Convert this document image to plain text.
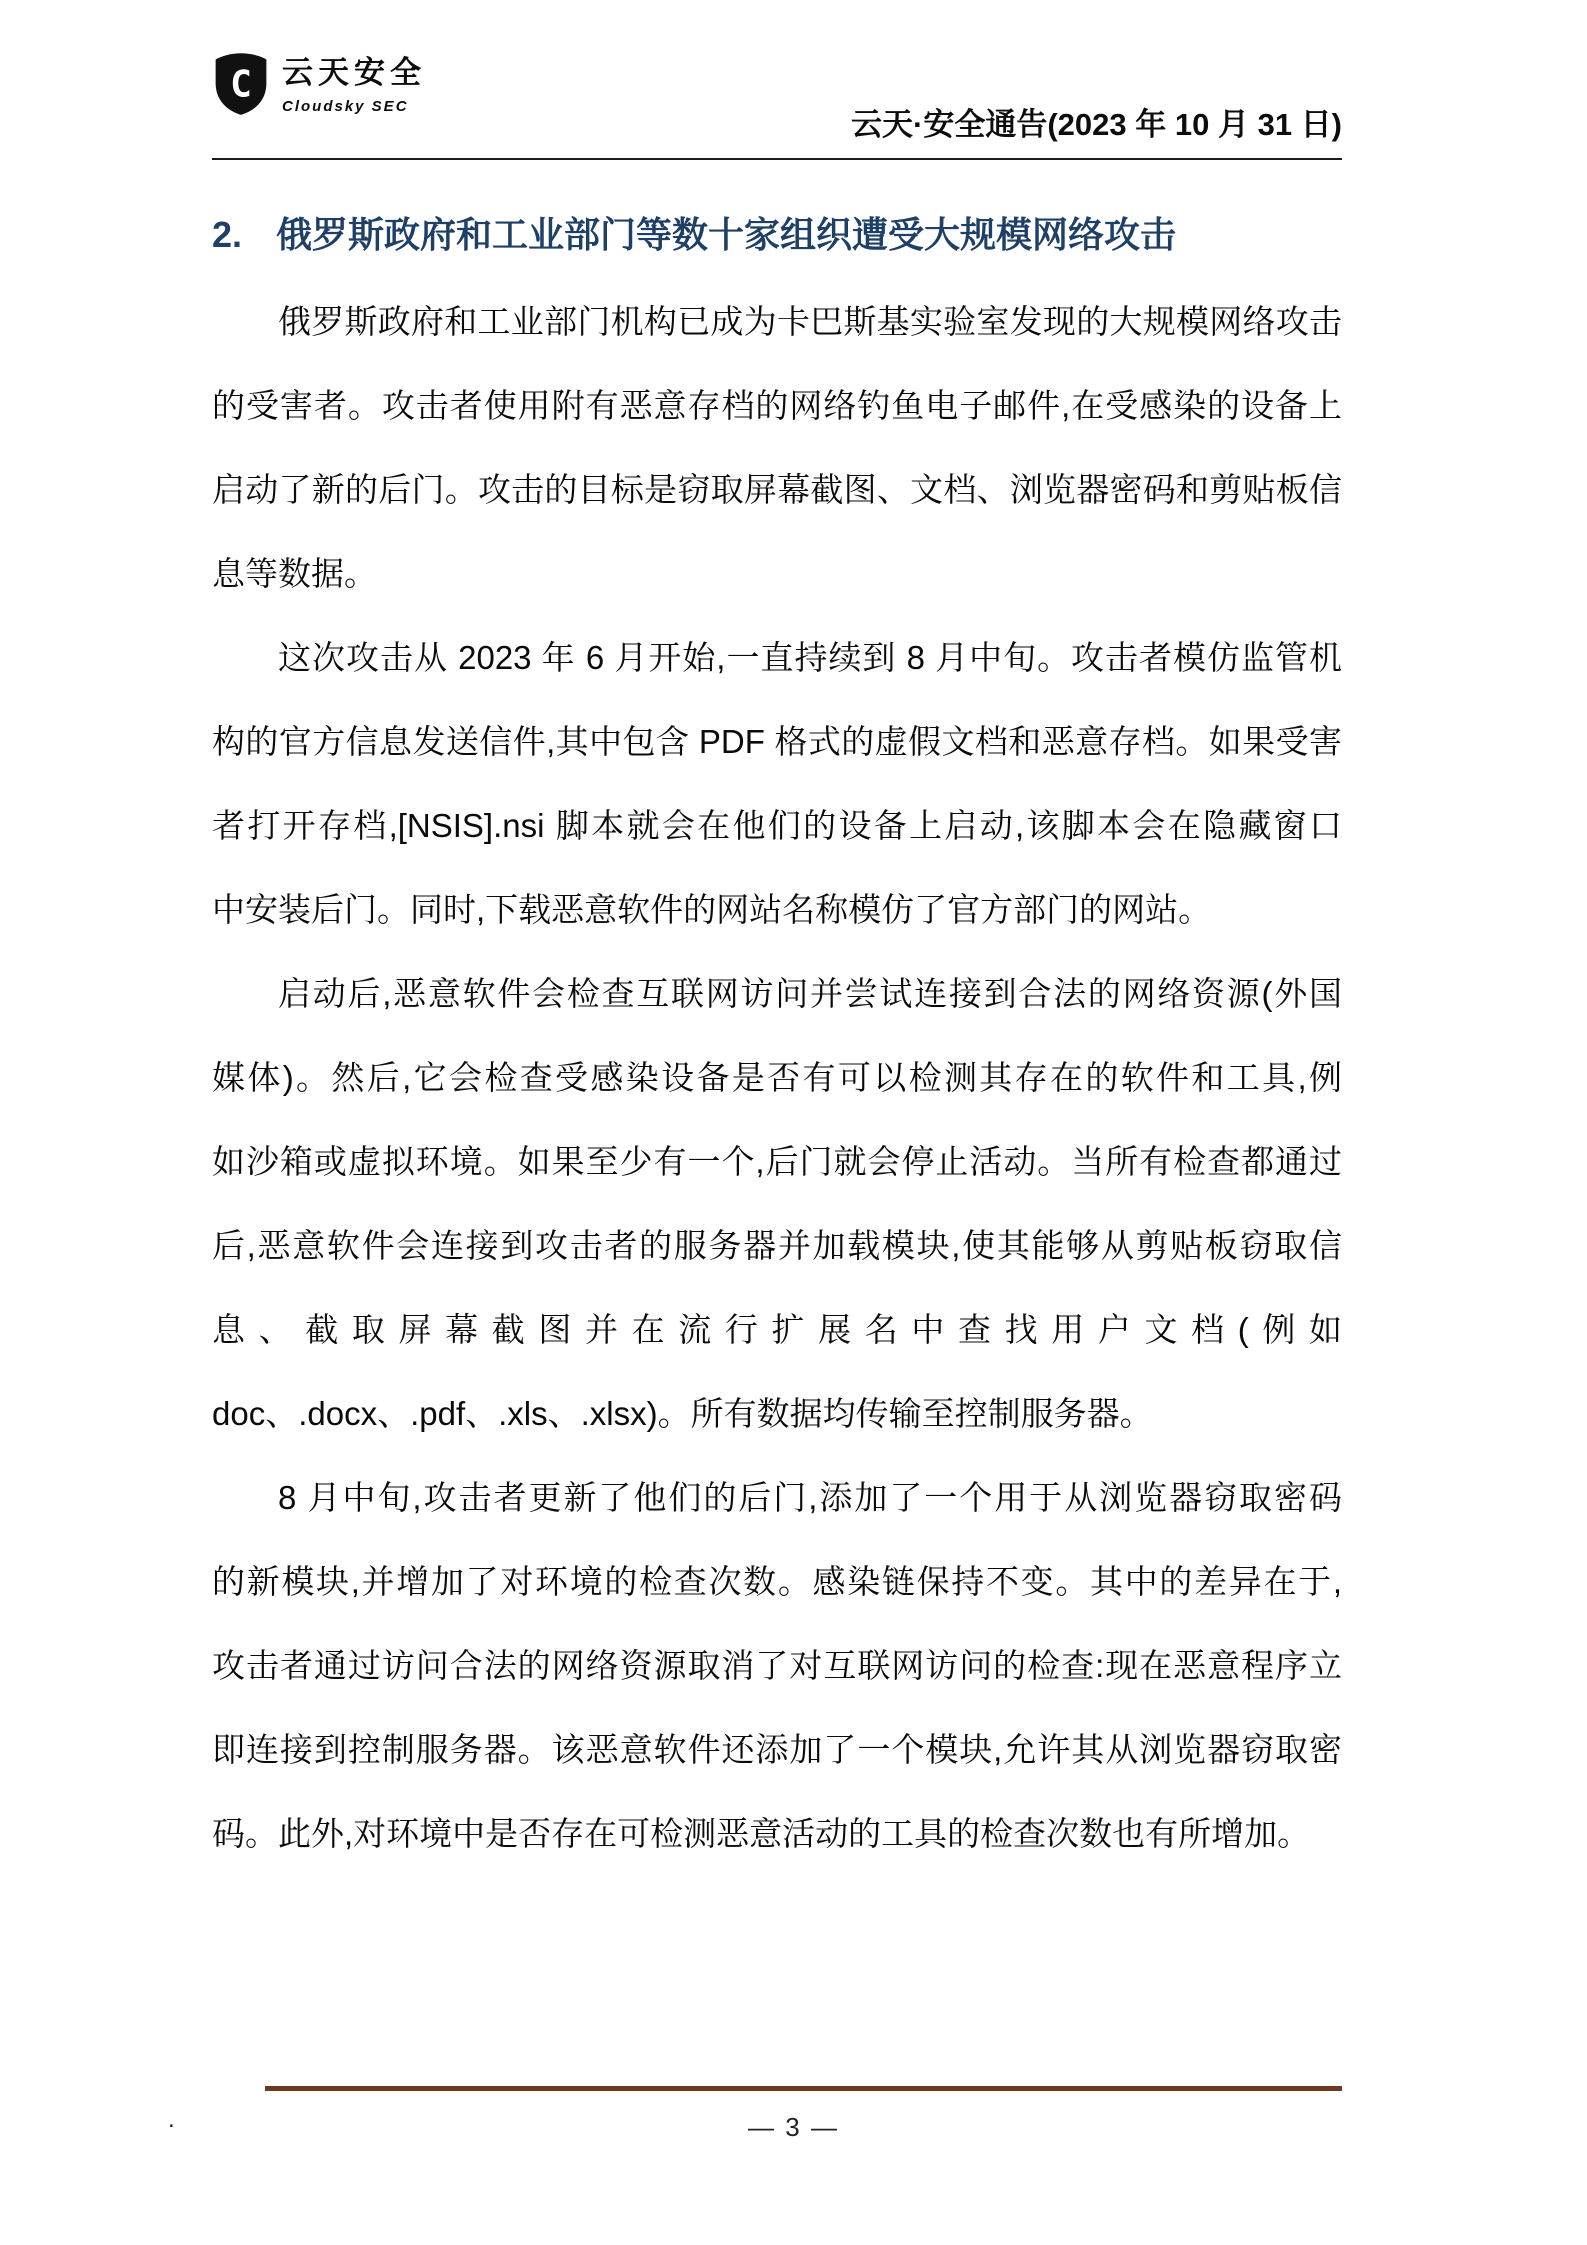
C 云天安全
Cloudsky SEC
云天·安全通告(2023 年 10 月 31 日)
2. 俄罗斯政府和工业部门等数十家组织遭受大规模网络攻击
俄罗斯政府和工业部门机构已成为卡巴斯基实验室发现的大规模网络攻击
的受害者。攻击者使用附有恶意存档的网络钓鱼电子邮件,在受感染的设备上
启动了新的后门。攻击的目标是窃取屏幕截图、文档、浏览器密码和剪贴板信
息等数据。
这次攻击从 2023 年 6 月开始,一直持续到 8 月中旬。攻击者模仿监管机
构的官方信息发送信件,其中包含 PDF 格式的虚假文档和恶意存档。如果受害
者打开存档,[NSIS].nsi 脚本就会在他们的设备上启动,该脚本会在隐藏窗口
中安装后门。同时,下载恶意软件的网站名称模仿了官方部门的网站。
启动后,恶意软件会检查互联网访问并尝试连接到合法的网络资源(外国
媒体)。然后,它会检查受感染设备是否有可以检测其存在的软件和工具,例
如沙箱或虚拟环境。如果至少有一个,后门就会停止活动。当所有检查都通过
后,恶意软件会连接到攻击者的服务器并加载模块,使其能够从剪贴板窃取信
息、截取屏幕截图并在流行扩展名中查找用户文档(例如
doc、.docx、.pdf、.xls、.xlsx)。所有数据均传输至控制服务器。
8 月中旬,攻击者更新了他们的后门,添加了一个用于从浏览器窃取密码
的新模块,并增加了对环境的检查次数。感染链保持不变。其中的差异在于,
攻击者通过访问合法的网络资源取消了对互联网访问的检查:现在恶意程序立
即连接到控制服务器。该恶意软件还添加了一个模块,允许其从浏览器窃取密
码。此外,对环境中是否存在可检测恶意活动的工具的检查次数也有所增加。
.	— 3 —
